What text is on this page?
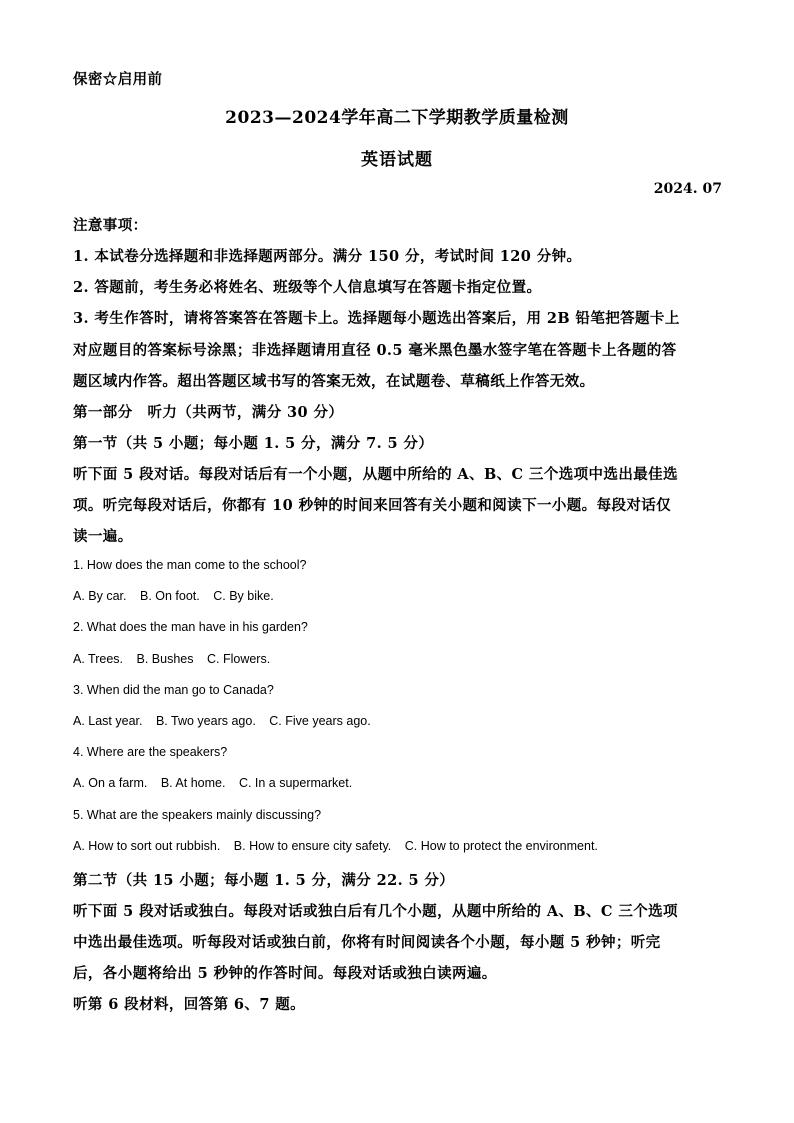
保密☆启用前
2023—2024学年高二下学期教学质量检测
英语试题
2024. 07
注意事项：
1. 本试卷分选择题和非选择题两部分。满分 150 分，考试时间 120 分钟。
2. 答题前，考生务必将姓名、班级等个人信息填写在答题卡指定位置。
3. 考生作答时，请将答案答在答题卡上。选择题每小题选出答案后，用 2B 铅笔把答题卡上
对应题目的答案标号涂黑；非选择题请用直径 0.5 毫米黑色墨水签字笔在答题卡上各题的答
题区域内作答。超出答题区域书写的答案无效，在试题卷、草稿纸上作答无效。
第一部分　听力（共两节，满分 30 分）
第一节（共 5 小题；每小题 1. 5 分，满分 7. 5 分）
听下面 5 段对话。每段对话后有一个小题，从题中所给的 A、B、C 三个选项中选出最佳选
项。听完每段对话后，你都有 10 秒钟的时间来回答有关小题和阅读下一小题。每段对话仅
读一遍。
1. How does the man come to the school?
A. By car. B. On foot. C. By bike.
2. What does the man have in his garden?
A. Trees. B. Bushes C. Flowers.
3. When did the man go to Canada?
A. Last year. B. Two years ago. C. Five years ago.
4. Where are the speakers?
A. On a farm. B. At home. C. In a supermarket.
5. What are the speakers mainly discussing?
A. How to sort out rubbish. B. How to ensure city safety. C. How to protect the environment.
第二节（共 15 小题；每小题 1. 5 分，满分 22. 5 分）
听下面 5 段对话或独白。每段对话或独白后有几个小题，从题中所给的 A、B、C 三个选项
中选出最佳选项。听每段对话或独白前，你将有时间阅读各个小题，每小题 5 秒钟；听完
后，各小题将给出 5 秒钟的作答时间。每段对话或独白读两遍。
听第 6 段材料，回答第 6、7 题。
